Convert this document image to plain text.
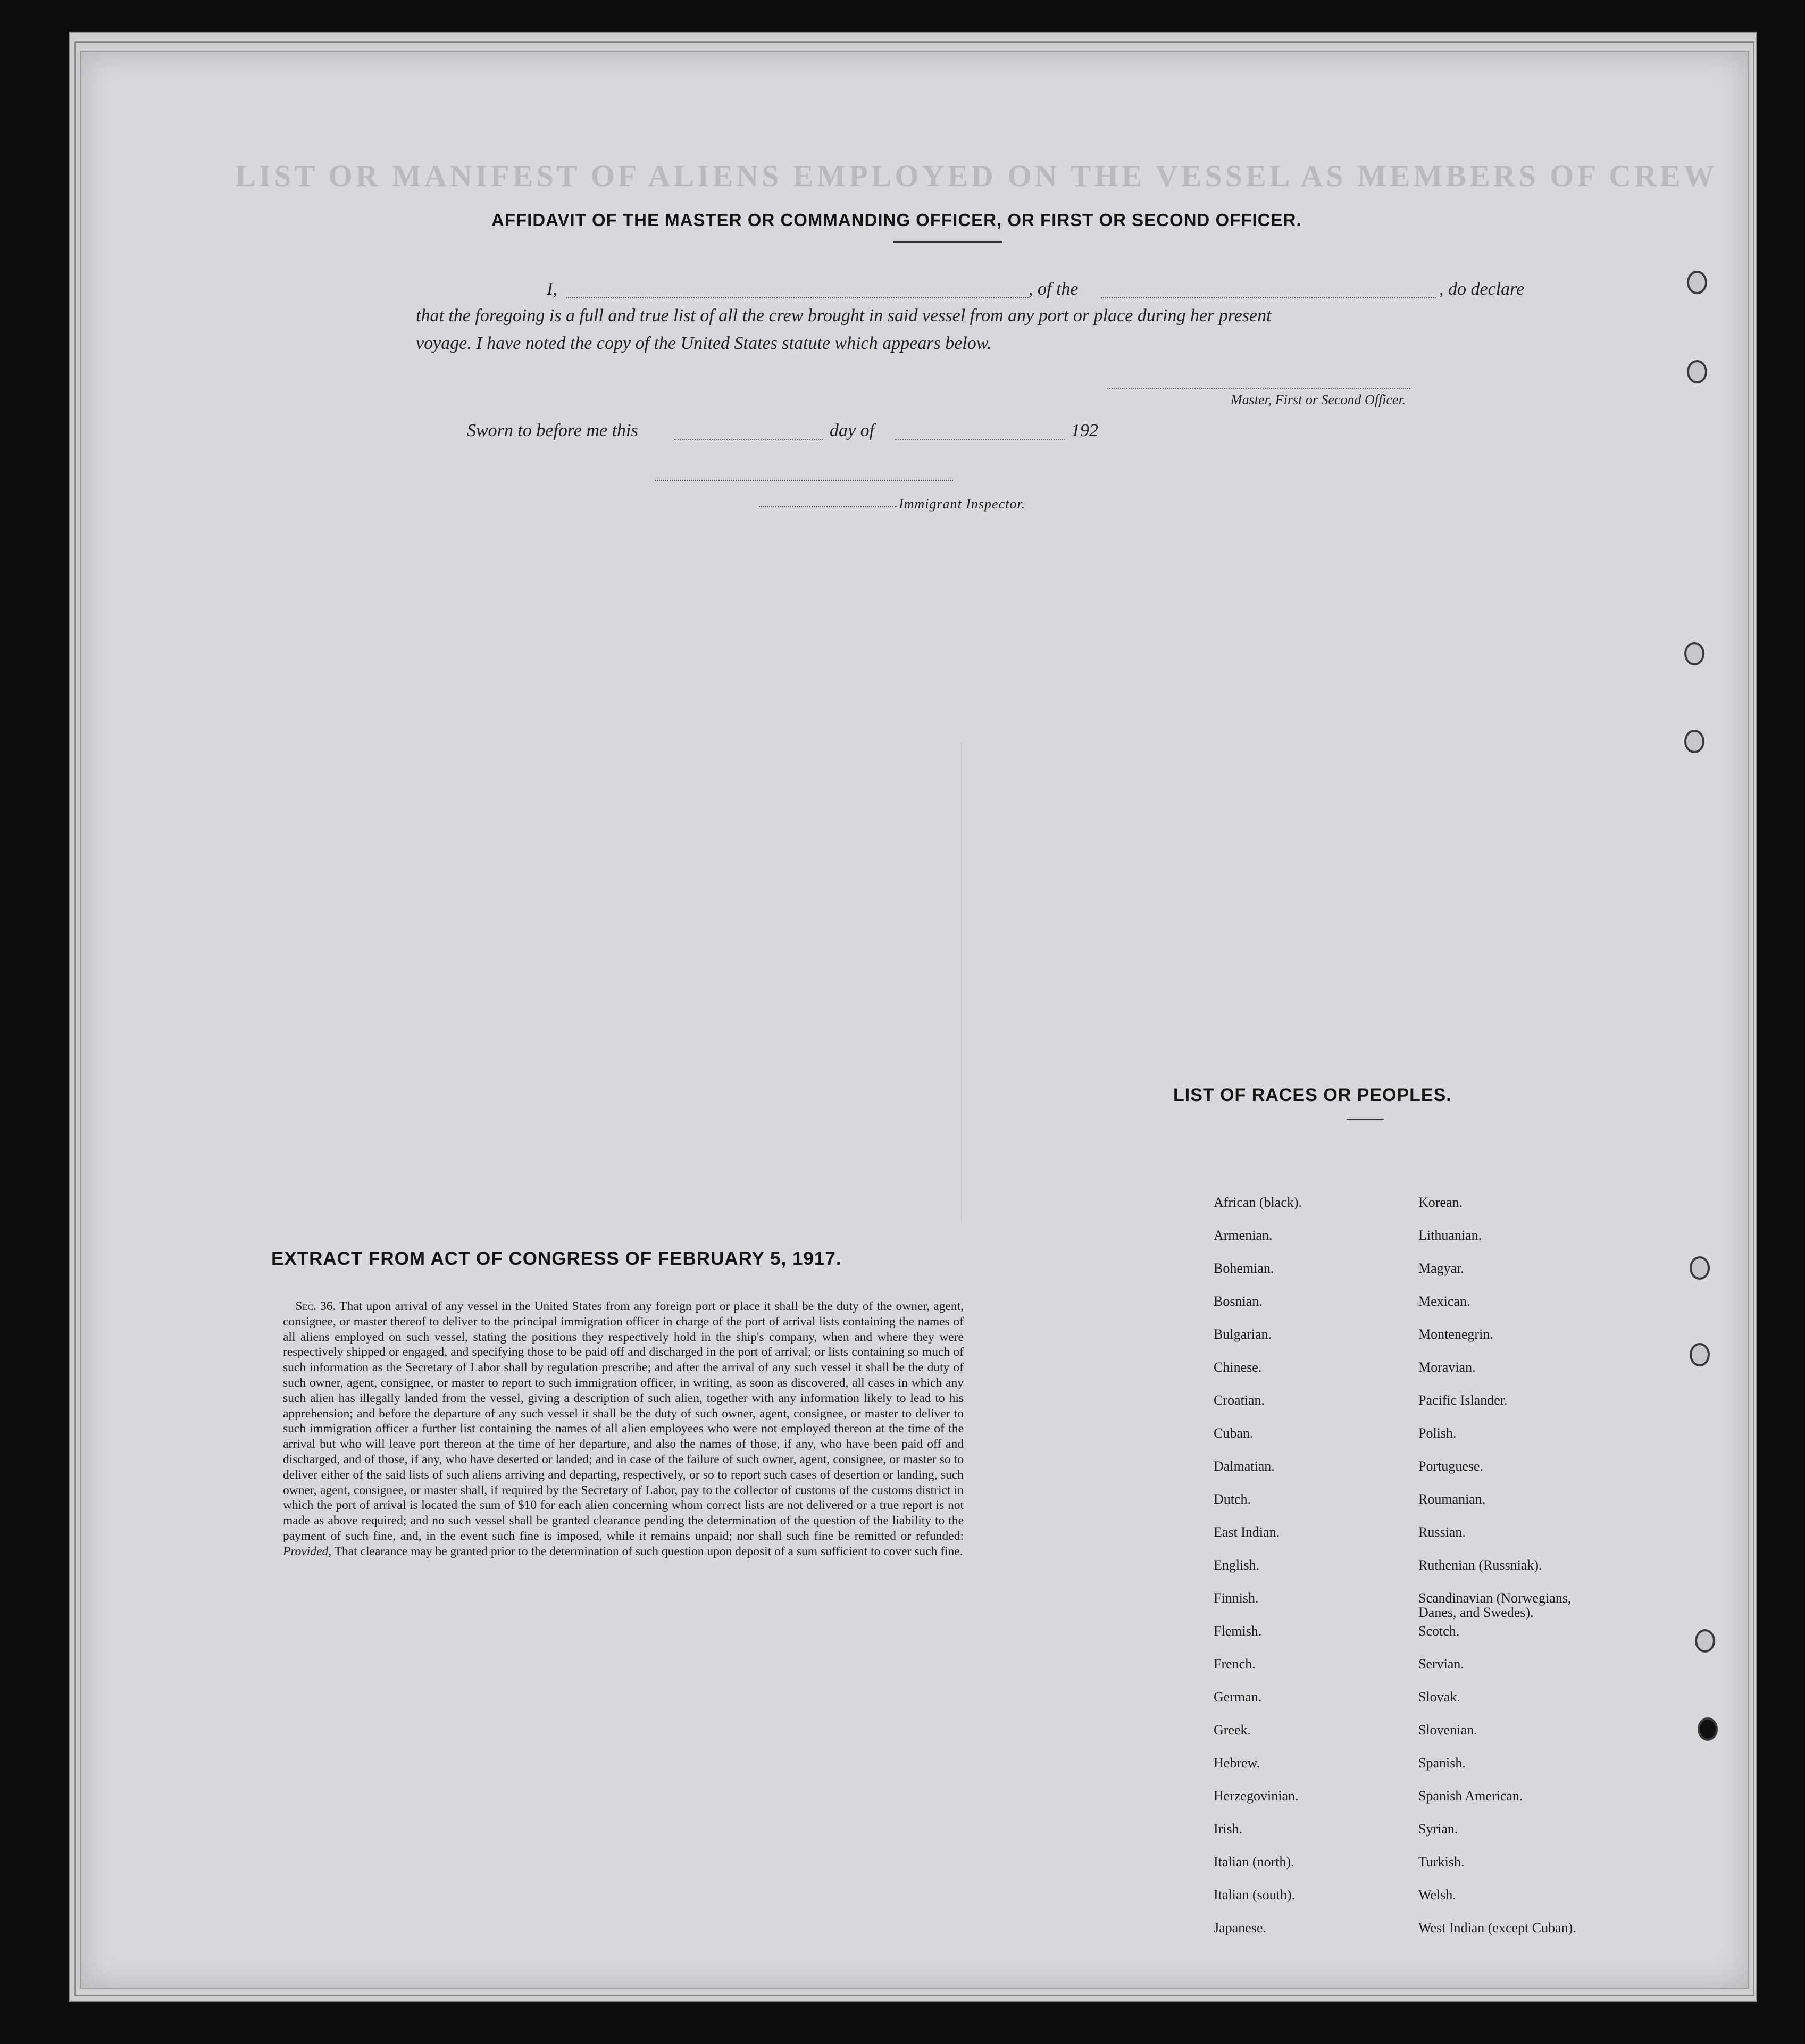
LIST OR MANIFEST OF ALIENS EMPLOYED ON THE VESSEL AS MEMBERS OF CREW
AFFIDAVIT OF THE MASTER OR COMMANDING OFFICER, OR FIRST OR SECOND OFFICER.
I,	, of the	, do declare
that the foregoing is a full and true list of all the crew brought in said vessel from any port or place during her present
voyage. I have noted the copy of the United States statute which appears below.
Master, First or Second Officer.
Sworn to before me this	day of	192
Immigrant Inspector.
EXTRACT FROM ACT OF CONGRESS OF FEBRUARY 5, 1917.
 Sec. 36. That upon arrival of any vessel in the United States from any foreign port or place it shall be the duty of the owner, agent, consignee, or master thereof to deliver to the principal immigration officer in charge of the port of arrival lists containing the names of all aliens employed on such vessel, stating the positions they respectively hold in the ship's company, when and where they were respectively shipped or engaged, and specifying those to be paid off and discharged in the port of arrival; or lists containing so much of such information as the Secretary of Labor shall by regulation prescribe; and after the arrival of any such vessel it shall be the duty of such owner, agent, consignee, or master to report to such immigration officer, in writing, as soon as discovered, all cases in which any such alien has illegally landed from the vessel, giving a description of such alien, together with any information likely to lead to his apprehension; and before the departure of any such vessel it shall be the duty of such owner, agent, consignee, or master to deliver to such immigration officer a further list containing the names of all alien employees who were not employed thereon at the time of the arrival but who will leave port thereon at the time of her departure, and also the names of those, if any, who have been paid off and discharged, and of those, if any, who have deserted or landed; and in case of the failure of such owner, agent, consignee, or master so to deliver either of the said lists of such aliens arriving and departing, respectively, or so to report such cases of desertion or landing, such owner, agent, consignee, or master shall, if required by the Secretary of Labor, pay to the collector of customs of the customs district in which the port of arrival is located the sum of $10 for each alien concerning whom correct lists are not delivered or a true report is not made as above required; and no such vessel shall be granted clearance pending the determination of the question of the liability to the payment of such fine, and, in the event such fine is imposed, while it remains unpaid; nor shall such fine be remitted or refunded: Provided, That clearance may be granted prior to the determination of such question upon deposit of a sum sufficient to cover such fine.
LIST OF RACES OR PEOPLES.
African (black).	Korean.
Armenian.	Lithuanian.
Bohemian.	Magyar.
Bosnian.	Mexican.
Bulgarian.	Montenegrin.
Chinese.	Moravian.
Croatian.	Pacific Islander.
Cuban.	Polish.
Dalmatian.	Portuguese.
Dutch.	Roumanian.
East Indian.	Russian.
English.	Ruthenian (Russniak).
Finnish.	Scandinavian (Norwegians,
Danes, and Swedes).
Flemish.	Scotch.
French.	Servian.
German.	Slovak.
Greek.	Slovenian.
Hebrew.	Spanish.
Herzegovinian.	Spanish American.
Irish.	Syrian.
Italian (north).	Turkish.
Italian (south).	Welsh.
Japanese.	West Indian (except Cuban).
